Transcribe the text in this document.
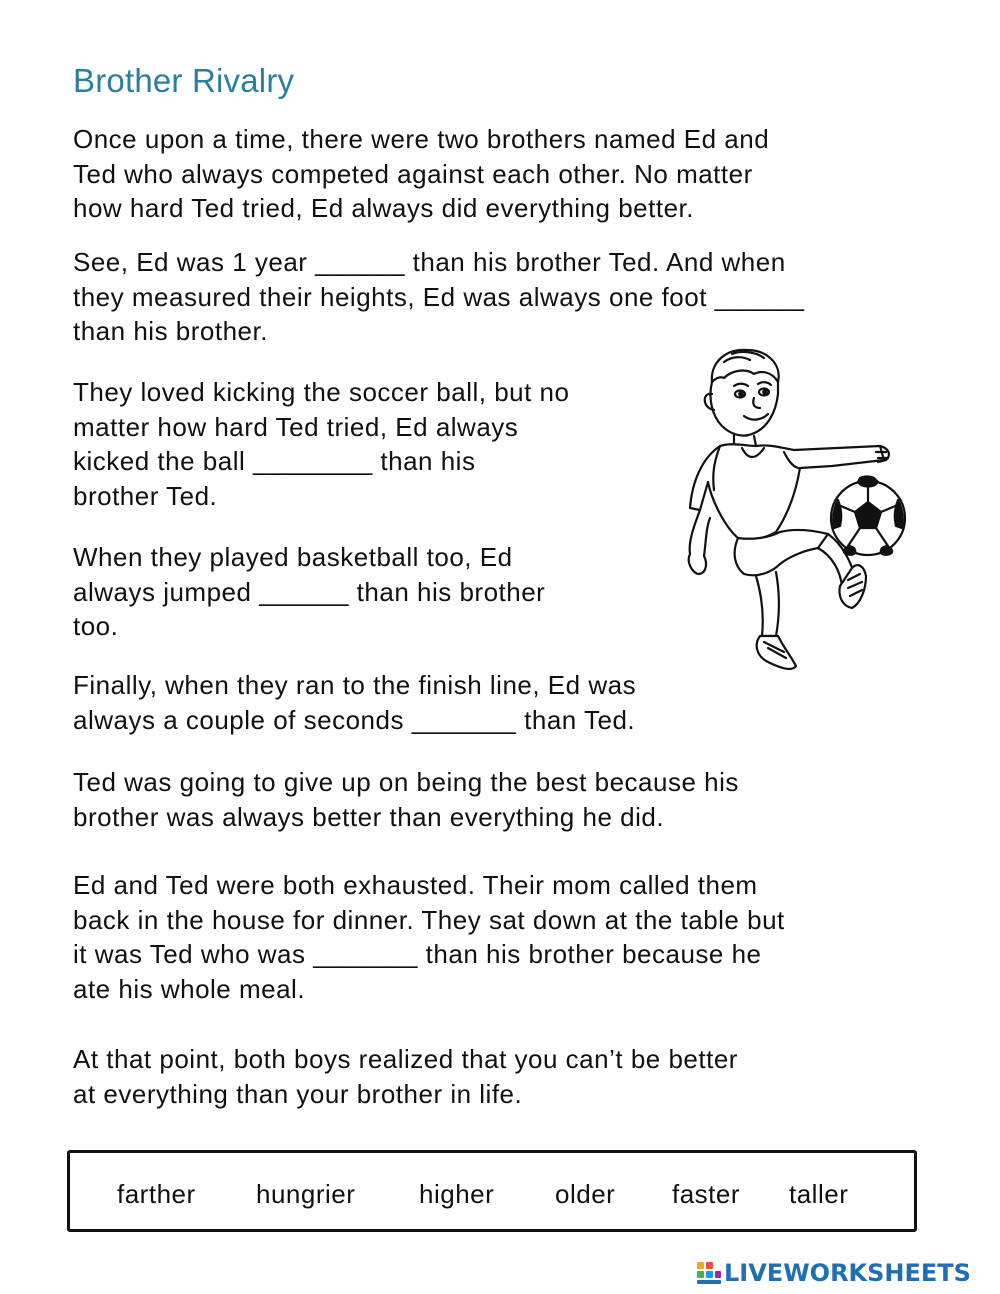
Brother Rivalry

Once upon a time, there were two brothers named Ed and
Ted who always competed against each other. No matter
how hard Ted tried, Ed always did everything better.

See, Ed was 1 year ______ than his brother Ted. And when
they measured their heights, Ed was always one foot ______
than his brother.

They loved kicking the soccer ball, but no
matter how hard Ted tried, Ed always
kicked the ball ________ than his
brother Ted.

When they played basketball too, Ed
always jumped ______ than his brother
too.

Finally, when they ran to the finish line, Ed was
always a couple of seconds _______ than Ted.

Ted was going to give up on being the best because his
brother was always better than everything he did.

Ed and Ted were both exhausted. Their mom called them
back in the house for dinner. They sat down at the table but
it was Ted who was _______ than his brother because he
ate his whole meal.

At that point, both boys realized that you can’t be better
at everything than your brother in life.

farther hungrier higher older faster taller
LIVEWORKSHEETS
